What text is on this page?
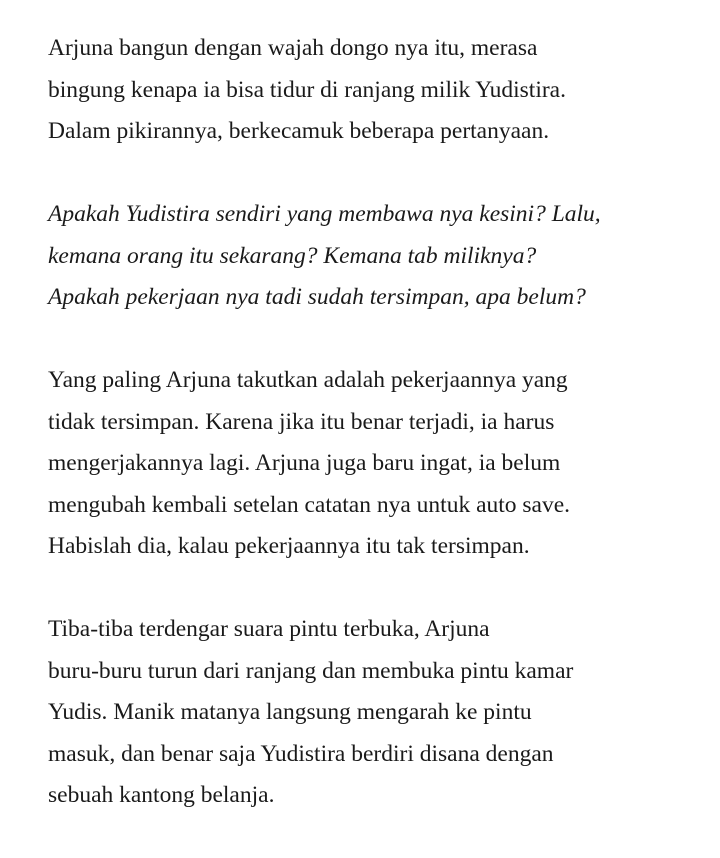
Arjuna bangun dengan wajah dongo nya itu, merasa
bingung kenapa ia bisa tidur di ranjang milik Yudistira.
Dalam pikirannya, berkecamuk beberapa pertanyaan.

Apakah Yudistira sendiri yang membawa nya kesini? Lalu,
kemana orang itu sekarang? Kemana tab miliknya?
Apakah pekerjaan nya tadi sudah tersimpan, apa belum?

Yang paling Arjuna takutkan adalah pekerjaannya yang
tidak tersimpan. Karena jika itu benar terjadi, ia harus
mengerjakannya lagi. Arjuna juga baru ingat, ia belum
mengubah kembali setelan catatan nya untuk auto save.
Habislah dia, kalau pekerjaannya itu tak tersimpan.

Tiba-tiba terdengar suara pintu terbuka, Arjuna
buru-buru turun dari ranjang dan membuka pintu kamar
Yudis. Manik matanya langsung mengarah ke pintu
masuk, dan benar saja Yudistira berdiri disana dengan
sebuah kantong belanja.
